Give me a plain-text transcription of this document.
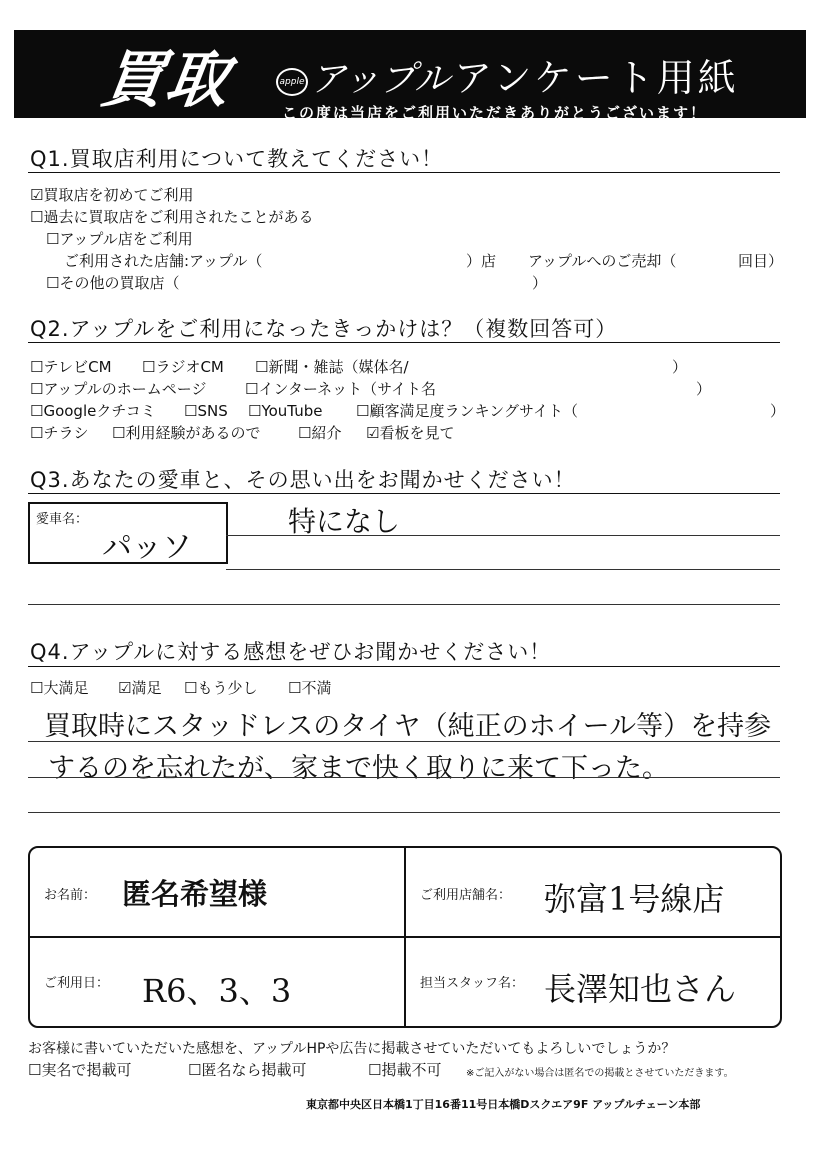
買取	apple アップル アンケート用紙
この度は当店をご利用いただきありがとうございます！
Q1.買取店利用について教えてください！
☑買取店を初めてご利用
☐過去に買取店をご利用されたことがある
☐アップル店をご利用
ご利用された店舗:アップル（	）店 アップルへのご売却（	回目）
☐その他の買取店（	）
Q2.アップルをご利用になったきっかけは？（複数回答可）
☐テレビCM ☐ラジオCM ☐新聞・雑誌（媒体名/	）
☐アップルのホームページ	☐インターネット（サイト名	）
☐Googleクチコミ ☐SNS ☐YouTube ☐顧客満足度ランキングサイト（	）
☐チラシ ☐利用経験があるので	☐紹介 ☑看板を見て
Q3.あなたの愛車と、その思い出をお聞かせください！
愛車名：
パッソ
特になし
Q4.アップルに対する感想をぜひお聞かせください！
☐大満足 ☑満足 ☐もう少し ☐不満
買取時にスタッドレスのタイヤ（純正のホイール等）を持参
するのを忘れたが、家まで快く取りに来て下った。
お名前： 匿名希望様	ご利用店舗名： 弥富1号線店
ご利用日： R6、3、3	担当スタッフ名： 長澤知也さん
お客様に書いていただいた感想を、アップルHPや広告に掲載させていただいてもよろしいでしょうか？
☐実名で掲載可	☐匿名なら掲載可	☐掲載不可 ※ご記入がない場合は匿名での掲載とさせていただきます。
東京都中央区日本橋1丁目16番11号日本橋Dスクエア9F アップルチェーン本部
